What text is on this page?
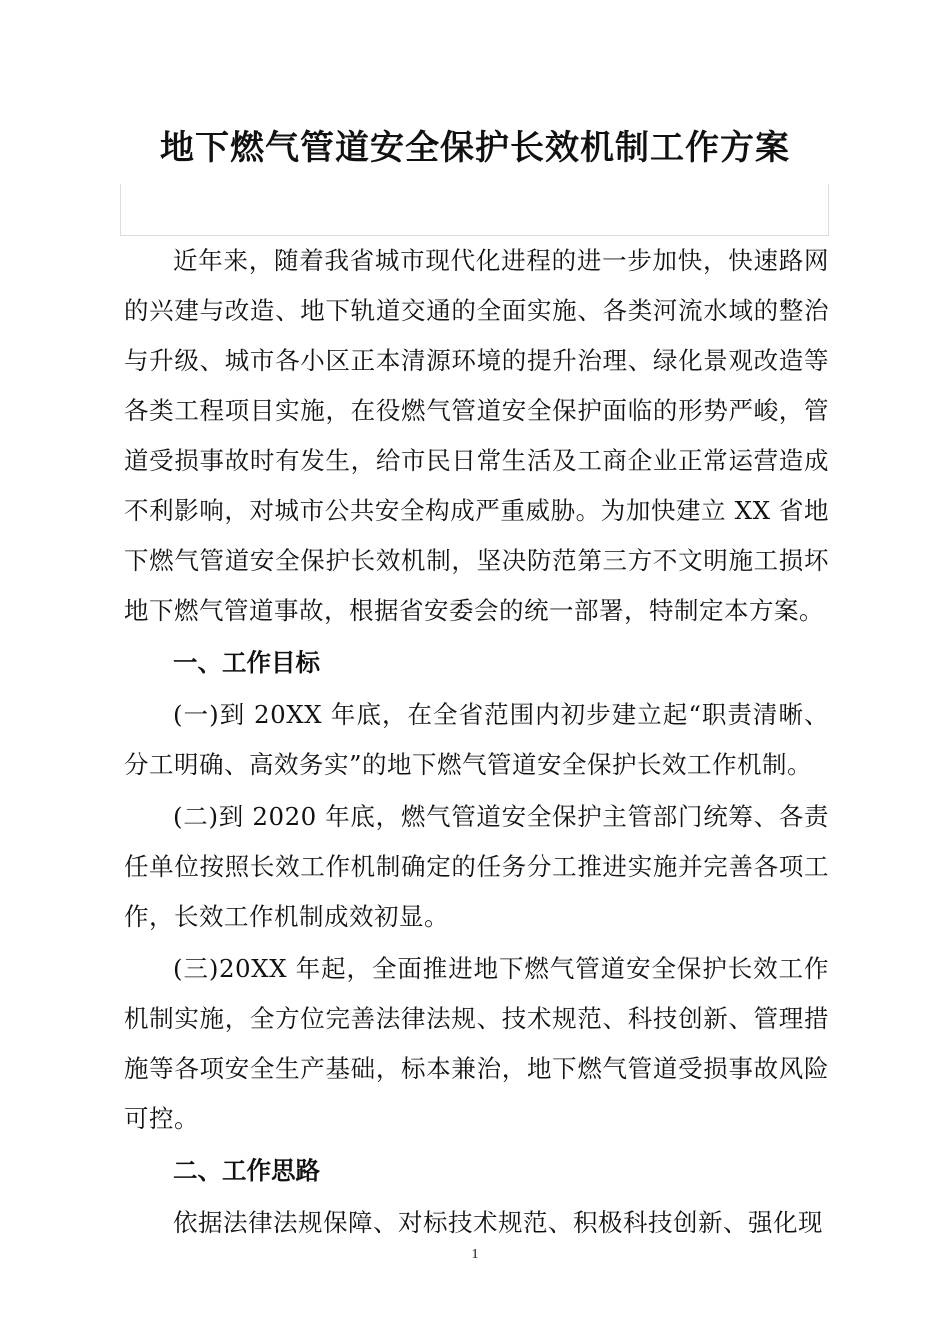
地下燃气管道安全保护长效机制工作方案

近年来，随着我省城市现代化进程的进一步加快，快速路网的兴建与改造、地下轨道交通的全面实施、各类河流水域的整治与升级、城市各小区正本清源环境的提升治理、绿化景观改造等各类工程项目实施，在役燃气管道安全保护面临的形势严峻，管道受损事故时有发生，给市民日常生活及工商企业正常运营造成不利影响，对城市公共安全构成严重威胁。为加快建立 XX 省地下燃气管道安全保护长效机制，坚决防范第三方不文明施工损坏地下燃气管道事故，根据省安委会的统一部署，特制定本方案。

一、工作目标

(一)到 20XX 年底，在全省范围内初步建立起“职责清晰、分工明确、高效务实”的地下燃气管道安全保护长效工作机制。

(二)到 2020 年底，燃气管道安全保护主管部门统筹、各责任单位按照长效工作机制确定的任务分工推进实施并完善各项工作，长效工作机制成效初显。

(三)20XX 年起，全面推进地下燃气管道安全保护长效工作机制实施，全方位完善法律法规、技术规范、科技创新、管理措施等各项安全生产基础，标本兼治，地下燃气管道受损事故风险可控。

二、工作思路

依据法律法规保障、对标技术规范、积极科技创新、强化现

1
